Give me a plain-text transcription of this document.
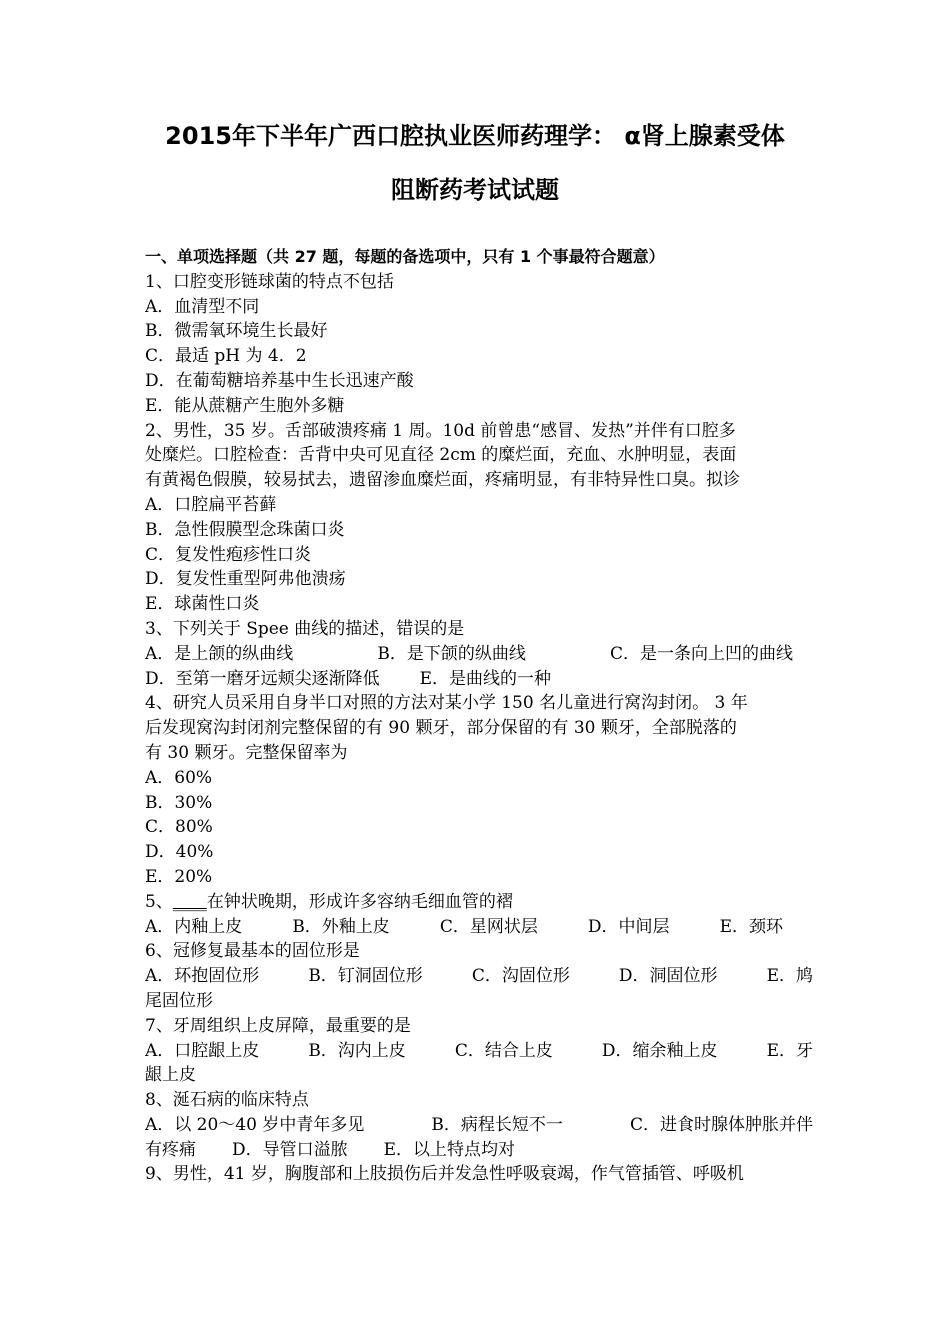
2015年下半年广西口腔执业医师药理学： α肾上腺素受体
阻断药考试试题
一、单项选择题（共 27 题，每题的备选项中，只有 1 个事最符合题意）
1、口腔变形链球菌的特点不包括
A．血清型不同
B．微需氧环境生长最好
C．最适 pH 为 4．2
D．在葡萄糖培养基中生长迅速产酸
E．能从蔗糖产生胞外多糖
2、男性，35 岁。舌部破溃疼痛 1 周。10d 前曾患“感冒、发热”并伴有口腔多
处糜烂。口腔检查：舌背中央可见直径 2cm 的糜烂面，充血、水肿明显，表面
有黄褐色假膜，较易拭去，遗留渗血糜烂面，疼痛明显，有非特异性口臭。拟诊
A．口腔扁平苔藓
B．急性假膜型念珠菌口炎
C．复发性疱疹性口炎
D．复发性重型阿弗他溃疡
E．球菌性口炎
3、下列关于 Spee 曲线的描述，错误的是
A．是上颌的纵曲线	B．是下颌的纵曲线	C．是一条向上凹的曲线
D．至第一磨牙远颊尖逐渐降低 E．是曲线的一种
4、研究人员采用自身半口对照的方法对某小学 150 名儿童进行窝沟封闭。 3 年
后发现窝沟封闭剂完整保留的有 90 颗牙，部分保留的有 30 颗牙，全部脱落的
有 30 颗牙。完整保留率为
A．60%
B．30%
C．80%
D．40%
E．20%
5、____在钟状晚期，形成许多容纳毛细血管的褶
A．内釉上皮	B．外釉上皮	C．星网状层	D．中间层	E．颈环
6、冠修复最基本的固位形是
A．环抱固位形	B．钉洞固位形	C．沟固位形	D．洞固位形	E．鸠
尾固位形
7、牙周组织上皮屏障，最重要的是
A．口腔龈上皮	B．沟内上皮	C．结合上皮	D．缩余釉上皮	E．牙
龈上皮
8、涎石病的临床特点
A．以 20～40 岁中青年多见	B．病程长短不一	C．进食时腺体肿胀并伴
有疼痛 D．导管口溢脓 E．以上特点均对
9、男性，41 岁，胸腹部和上肢损伤后并发急性呼吸衰竭，作气管插管、呼吸机
